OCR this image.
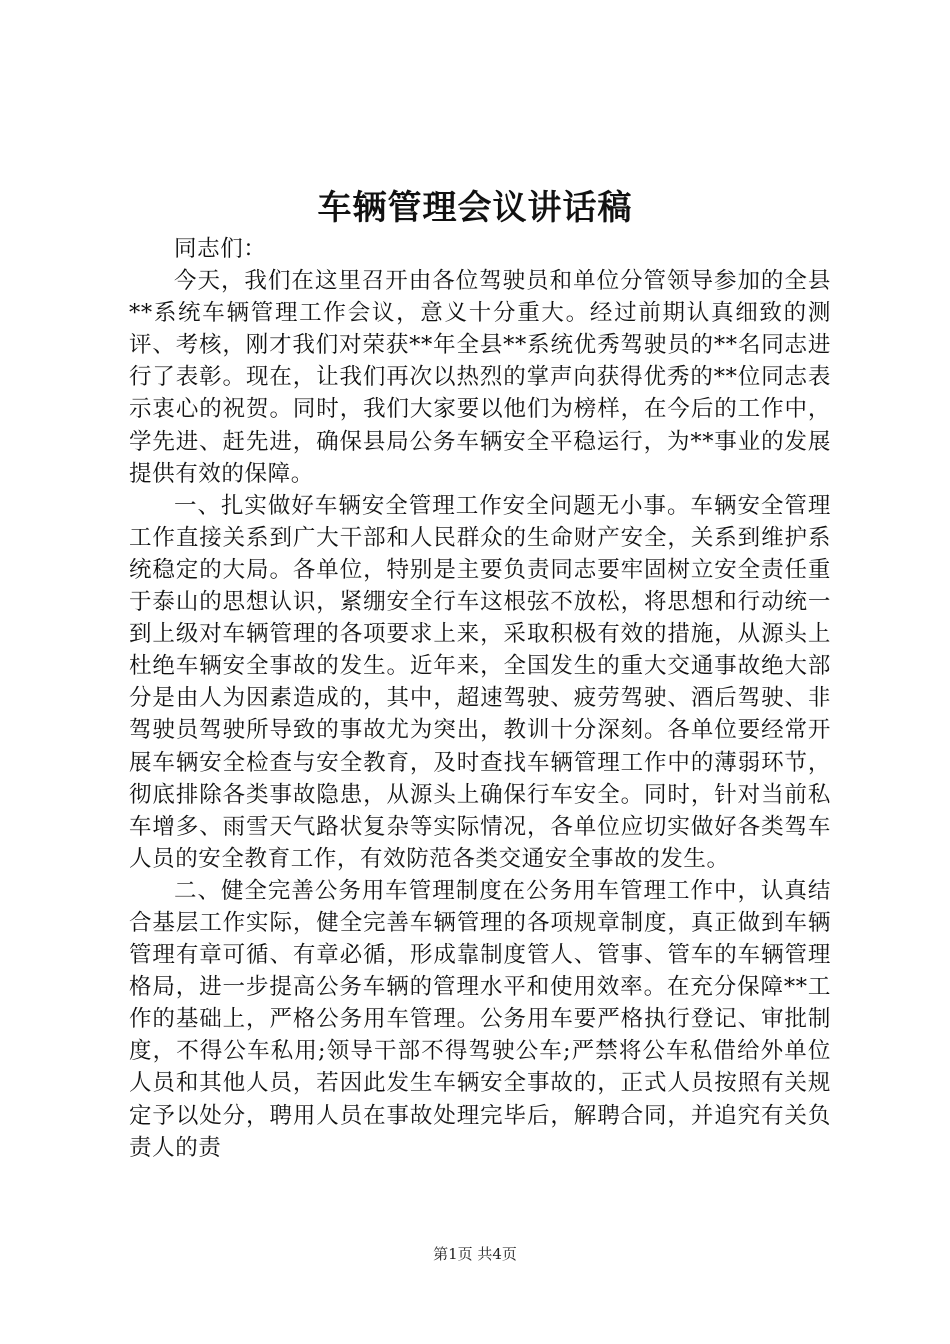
车辆管理会议讲话稿

同志们：

今天，我们在这里召开由各位驾驶员和单位分管领导参加的全县**系统车辆管理工作会议，意义十分重大。经过前期认真细致的测评、考核，刚才我们对荣获**年全县**系统优秀驾驶员的**名同志进行了表彰。现在，让我们再次以热烈的掌声向获得优秀的**位同志表示衷心的祝贺。同时，我们大家要以他们为榜样，在今后的工作中，学先进、赶先进，确保县局公务车辆安全平稳运行，为**事业的发展提供有效的保障。

一、扎实做好车辆安全管理工作安全问题无小事。车辆安全管理工作直接关系到广大干部和人民群众的生命财产安全，关系到维护系统稳定的大局。各单位，特别是主要负责同志要牢固树立安全责任重于泰山的思想认识，紧绷安全行车这根弦不放松，将思想和行动统一到上级对车辆管理的各项要求上来，采取积极有效的措施，从源头上杜绝车辆安全事故的发生。近年来，全国发生的重大交通事故绝大部分是由人为因素造成的，其中，超速驾驶、疲劳驾驶、酒后驾驶、非驾驶员驾驶所导致的事故尤为突出，教训十分深刻。各单位要经常开展车辆安全检查与安全教育，及时查找车辆管理工作中的薄弱环节，彻底排除各类事故隐患，从源头上确保行车安全。同时，针对当前私车增多、雨雪天气路状复杂等实际情况，各单位应切实做好各类驾车人员的安全教育工作，有效防范各类交通安全事故的发生。

二、健全完善公务用车管理制度在公务用车管理工作中，认真结合基层工作实际，健全完善车辆管理的各项规章制度，真正做到车辆管理有章可循、有章必循，形成靠制度管人、管事、管车的车辆管理格局，进一步提高公务车辆的管理水平和使用效率。在充分保障**工作的基础上，严格公务用车管理。公务用车要严格执行登记、审批制度，不得公车私用;领导干部不得驾驶公车;严禁将公车私借给外单位人员和其他人员，若因此发生车辆安全事故的，正式人员按照有关规定予以处分，聘用人员在事故处理完毕后，解聘合同，并追究有关负责人的责

第1页 共4页
